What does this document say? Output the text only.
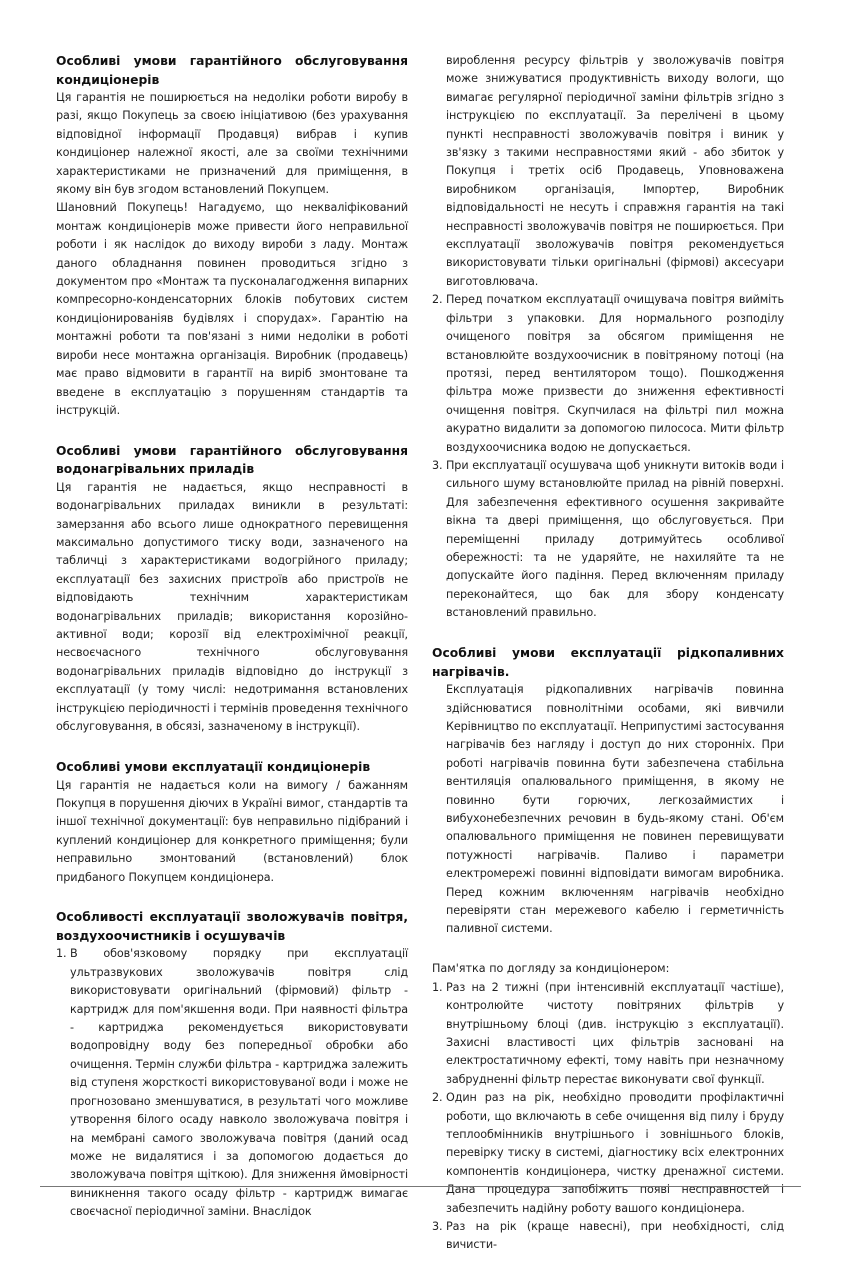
Особливі умови гарантійного обслуговування кондиціонерів

Ця гарантія не поширюється на недоліки роботи виробу в разі, якщо Покупець за своєю ініціативою (без урахування відповідної інформації Продавця) вибрав і купив кондиціонер належної якості, але за своїми технічними характеристиками не призначений для приміщення, в якому він був згодом встановлений Покупцем.

Шановний Покупець! Нагадуємо, що некваліфікований монтаж кондиціонерів може привести його неправильної роботи і як наслідок до виходу вироби з ладу. Монтаж даного обладнання повинен проводиться згідно з документом про «Монтаж та пусконалагодження випарних компресорно-конденсаторних блоків побутових систем кондиціонированіяв будівлях і спорудах». Гарантію на монтажні роботи та пов'язані з ними недоліки в роботі вироби несе монтажна організація. Виробник (продавець) має право відмовити в гарантії на виріб змонтоване та введене в експлуатацію з порушенням стандартів та інструкцій.

Особливі умови гарантійного обслуговування водонагрівальних приладів

Ця гарантія не надається, якщо несправності в водонагрівальних приладах виникли в результаті: замерзання або всього лише однократного перевищення максимально допустимого тиску води, зазначеного на табличці з характеристиками водогрійного приладу; експлуатації без захисних пристроїв або пристроїв не відповідають технічним характеристикам водонагрівальних приладів; використання корозійно-активної води; корозії від електрохімічної реакції, несвоєчасного технічного обслуговування водонагрівальних приладів відповідно до інструкції з експлуатації (у тому числі: недотримання встановлених інструкцією періодичності і термінів проведення технічного обслуговування, в обсязі, зазначеному в інструкції).

Особливі умови експлуатації кондиціонерів

Ця гарантія не надається коли на вимогу / бажанням Покупця в порушення діючих в Україні вимог, стандартів та іншої технічної документації: був неправильно підібраний і куплений кондиціонер для конкретного приміщення; були неправильно змонтований (встановлений) блок придбаного Покупцем кондиціонера.

Особливості експлуатації зволожувачів повітря, воздухоочистників і осушувачів
1. В обов'язковому порядку при експлуатації ультразвукових зволожувачів повітря слід використовувати оригінальний (фірмовий) фільтр - картридж для пом'якшення води. При наявності фільтра - картриджа рекомендується використовувати водопровідну воду без попередньої обробки або очищення. Термін служби фільтра - картриджа залежить від ступеня жорсткості використовуваної води і може не прогнозовано зменшуватися, в результаті чого можливе утворення білого осаду навколо зволожувача повітря і на мембрані самого зволожувача повітря (даний осад може не видалятися і за допомогою додається до зволожувача повітря щіткою). Для зниження ймовірності виникнення такого осаду фільтр - картридж вимагає своєчасної періодичної заміни. Внаслідок
вироблення ресурсу фільтрів у зволожувачів повітря може знижуватися продуктивність виходу вологи, що вимагає регулярної періодичної заміни фільтрів згідно з інструкцією по експлуатації. За перелічені в цьому пункті несправності зволожувачів повітря і виник у зв'язку з такими несправностями який - або збиток у Покупця і третіх осіб Продавець, Уповноважена виробником організація, Імпортер, Виробник відповідальності не несуть і справжня гарантія на такі несправності зволожувачів повітря не поширюється. При експлуатації зволожувачів повітря рекомендується використовувати тільки оригінальні (фірмові) аксесуари виготовлювача.
2. Перед початком експлуатації очищувача повітря вийміть фільтри з упаковки. Для нормального розподілу очищеного повітря за обсягом приміщення не встановлюйте воздухоочисник в повітряному потоці (на протязі, перед вентилятором тощо). Пошкодження фільтра може призвести до зниження ефективності очищення повітря. Скупчилася на фільтрі пил можна акуратно видалити за допомогою пилососа. Мити фільтр воздухоочисника водою не допускається.
3. При експлуатації осушувача щоб уникнути витоків води і сильного шуму встановлюйте прилад на рівній поверхні. Для забезпечення ефективного осушення закривайте вікна та двері приміщення, що обслуговується. При переміщенні приладу дотримуйтесь особливої обережності: та не ударяйте, не нахиляйте та не допускайте його падіння. Перед включенням приладу переконайтеся, що бак для збору конденсату встановлений правильно.
Особливі умови експлуатації рідкопаливних нагрівачів.
Експлуатація рідкопаливних нагрівачів повинна здійснюватися повнолітніми особами, які вивчили Керівництво по експлуатації. Неприпустимі застосування нагрівачів без нагляду і доступ до них сторонніх. При роботі нагрівачів повинна бути забезпечена стабільна вентиляція опалювального приміщення, в якому не повинно бути горючих, легкозаймистих і вибухонебезпечних речовин в будь-якому стані. Об'єм опалювального приміщення не повинен перевищувати потужності нагрівачів. Паливо і параметри електромережі повинні відповідати вимогам виробника. Перед кожним включенням нагрівачів необхідно перевіряти стан мережевого кабелю і герметичність паливної системи.

Пам'ятка по догляду за кондиціонером:

1. Раз на 2 тижні (при інтенсивній експлуатації частіше), контролюйте чистоту повітряних фільтрів у внутрішньому блоці (див. інструкцію з експлуатації). Захисні властивості цих фільтрів засновані на електростатичному ефекті, тому навіть при незначному забрудненні фільтр перестає виконувати свої функції.
2. Один раз на рік, необхідно проводити профілактичні роботи, що включають в себе очищення від пилу і бруду теплообмінників внутрішнього і зовнішнього блоків, перевірку тиску в системі, діагностику всіх електронних компонентів кондиціонера, чистку дренажної системи. Дана процедура запобіжить появі несправностей і забезпечить надійну роботу вашого кондиціонера.
3. Раз на рік (краще навесні), при необхідності, слід вичисти-
